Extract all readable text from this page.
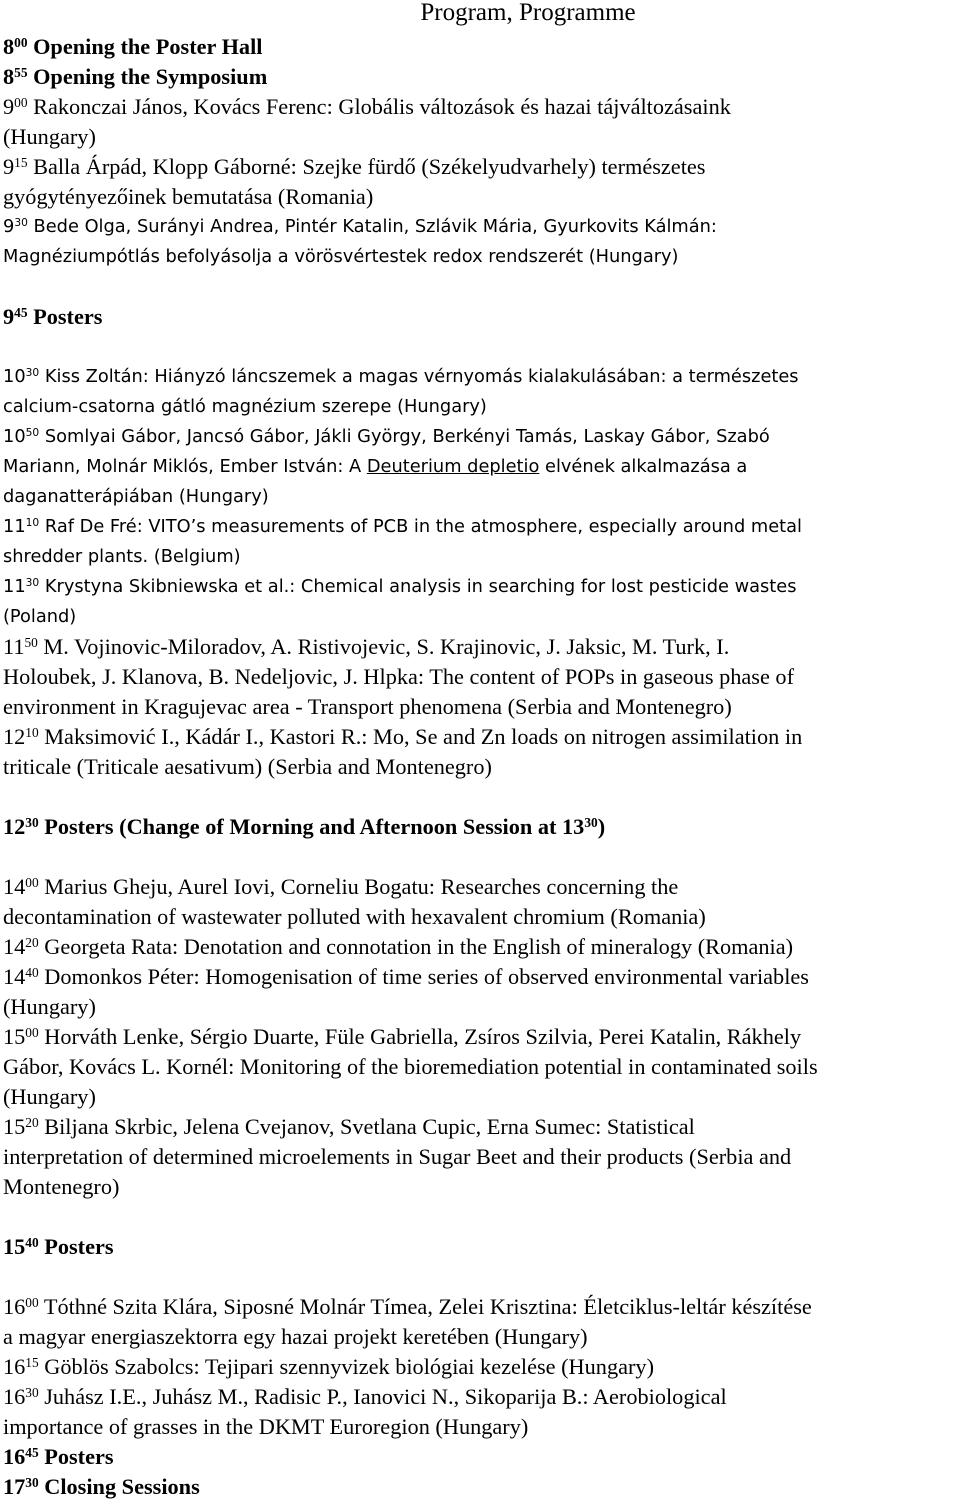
Program, Programme
$8^{00}$ Opening the Poster Hall
$8^{55}$ Opening the Symposium
$9^{00}$ Rakonczai János, Kovács Ferenc: Globális változások és hazai tájváltozásaink
(Hungary)
$9^{15}$ Balla Árpád, Klopp Gáborné: Szejke fürdő (Székelyudvarhely) természetes
gyógytényezőinek bemutatása (Romania)
$9^{30}$ Bede Olga, Surányi Andrea, Pintér Katalin, Szlávik Mária, Gyurkovits Kálmán:
Magnéziumpótlás befolyásolja a vörösvértestek redox rendszerét (Hungary)
$9^{45}$ Posters
$10^{30}$ Kiss Zoltán: Hiányzó láncszemek a magas vérnyomás kialakulásában: a természetes
calcium-csatorna gátló magnézium szerepe (Hungary)
$10^{50}$ Somlyai Gábor, Jancsó Gábor, Jákli György, Berkényi Tamás, Laskay Gábor, Szabó
Mariann, Molnár Miklós, Ember István: A Deuterium depletio elvének alkalmazása a
daganatterápiában (Hungary)
$11^{10}$ Raf De Fré: VITO’s measurements of PCB in the atmosphere, especially around metal
shredder plants. (Belgium)
$11^{30}$ Krystyna Skibniewska et al.: Chemical analysis in searching for lost pesticide wastes
(Poland)
$11^{50}$ M. Vojinovic-Miloradov, A. Ristivojevic, S. Krajinovic, J. Jaksic, M. Turk, I.
Holoubek, J. Klanova, B. Nedeljovic, J. Hlpka: The content of POPs in gaseous phase of
environment in Kragujevac area - Transport phenomena (Serbia and Montenegro)
$12^{10}$ Maksimović I., Kádár I., Kastori R.: Mo, Se and Zn loads on nitrogen assimilation in
triticale (Triticale aesativum) (Serbia and Montenegro)
$12^{30}$ Posters (Change of Morning and Afternoon Session at $13^{30}$)
$14^{00}$ Marius Gheju, Aurel Iovi, Corneliu Bogatu: Researches concerning the
decontamination of wastewater polluted with hexavalent chromium (Romania)
$14^{20}$ Georgeta Rata: Denotation and connotation in the English of mineralogy (Romania)
$14^{40}$ Domonkos Péter: Homogenisation of time series of observed environmental variables
(Hungary)
$15^{00}$ Horváth Lenke, Sérgio Duarte, Füle Gabriella, Zsíros Szilvia, Perei Katalin, Rákhely
Gábor, Kovács L. Kornél: Monitoring of the bioremediation potential in contaminated soils
(Hungary)
$15^{20}$ Biljana Skrbic, Jelena Cvejanov, Svetlana Cupic, Erna Sumec: Statistical
interpretation of determined microelements in Sugar Beet and their products (Serbia and
Montenegro)
$15^{40}$ Posters
$16^{00}$ Tóthné Szita Klára, Siposné Molnár Tímea, Zelei Krisztina: Életciklus-leltár készítése
a magyar energiaszektorra egy hazai projekt keretében (Hungary)
$16^{15}$ Göblös Szabolcs: Tejipari szennyvizek biológiai kezelése (Hungary)
$16^{30}$ Juhász I.E., Juhász M., Radisic P., Ianovici N., Sikoparija B.: Aerobiological
importance of grasses in the DKMT Euroregion (Hungary)
$16^{45}$ Posters
$17^{30}$ Closing Sessions
